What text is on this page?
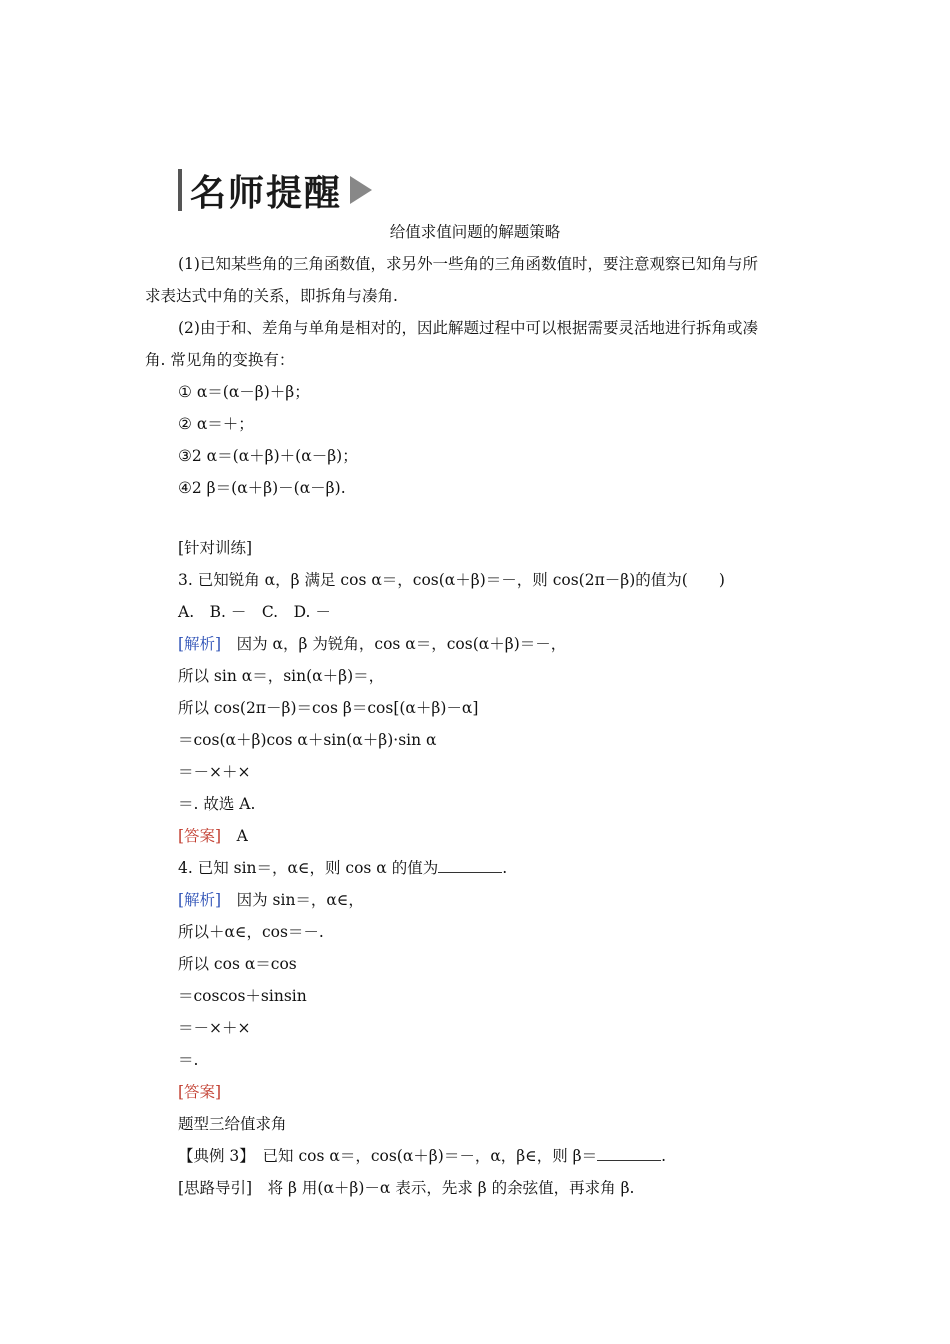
名师提醒
给值求值问题的解题策略
(1)已知某些角的三角函数值，求另外一些角的三角函数值时，要注意观察已知角与所
求表达式中角的关系，即拆角与凑角.
(2)由于和、差角与单角是相对的，因此解题过程中可以根据需要灵活地进行拆角或凑
角. 常见角的变换有：
① α＝(α－β)＋β；
② α＝＋；
③2 α＝(α＋β)＋(α－β)；
④2 β＝(α＋β)－(α－β).
[针对训练]
3. 已知锐角 α，β 满足 cos α＝，cos(α＋β)＝－，则 cos(2π－β)的值为(　　)
A.　B. －　C.　D. －
[解析]　因为 α，β 为锐角，cos α＝，cos(α＋β)＝－，
所以 sin α＝，sin(α＋β)＝，
所以 cos(2π－β)＝cos β＝cos[(α＋β)－α]
＝cos(α＋β)cos α＋sin(α＋β)·sin α
＝－×＋×
＝. 故选 A.
[答案]　A
4. 已知 sin＝，α∈，则 cos α 的值为	.
[解析]　因为 sin＝，α∈，
所以＋α∈，cos＝－.
所以 cos α＝cos
＝coscos＋sinsin
＝－×＋×
＝.
[答案]
题型三给值求角
【典例 3】　已知 cos α＝，cos(α＋β)＝－，α，β∈，则 β＝	.
[思路导引]　将 β 用(α＋β)－α 表示，先求 β 的余弦值，再求角 β.
